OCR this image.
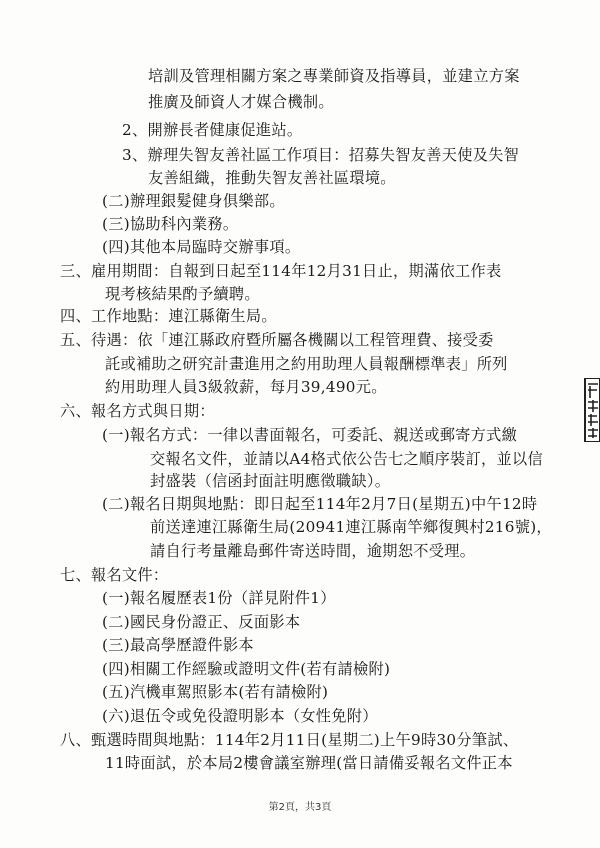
培訓及管理相關方案之專業師資及指導員，並建立方案
推廣及師資人才媒合機制。
2、開辦長者健康促進站。
3、辦理失智友善社區工作項目：招募失智友善天使及失智
友善組織，推動失智友善社區環境。
(二)辦理銀髮健身俱樂部。
(三)協助科內業務。
(四)其他本局臨時交辦事項。
三、雇用期間：自報到日起至114年12月31日止，期滿依工作表
現考核結果酌予續聘。
四、工作地點：連江縣衛生局。
五、待遇：依「連江縣政府暨所屬各機關以工程管理費、接受委
託或補助之研究計畫進用之約用助理人員報酬標準表」所列
約用助理人員3級敘薪，每月39,490元。
六、報名方式與日期：
(一)報名方式：一律以書面報名，可委託、親送或郵寄方式繳
交報名文件，並請以A4格式依公告七之順序裝訂，並以信
封盛裝（信函封面註明應徵職缺）。
(二)報名日期與地點：即日起至114年2月7日(星期五)中午12時
前送達連江縣衛生局(20941連江縣南竿鄉復興村216號)，
請自行考量離島郵件寄送時間，逾期恕不受理。
七、報名文件：
(一)報名履歷表1份（詳見附件1）
(二)國民身份證正、反面影本
(三)最高學歷證件影本
(四)相關工作經驗或證明文件(若有請檢附)
(五)汽機車駕照影本(若有請檢附)
(六)退伍令或免役證明影本（女性免附）
八、甄選時間與地點：114年2月11日(星期二)上午9時30分筆試、
11時面試，於本局2樓會議室辦理(當日請備妥報名文件正本
第2頁，共3頁
